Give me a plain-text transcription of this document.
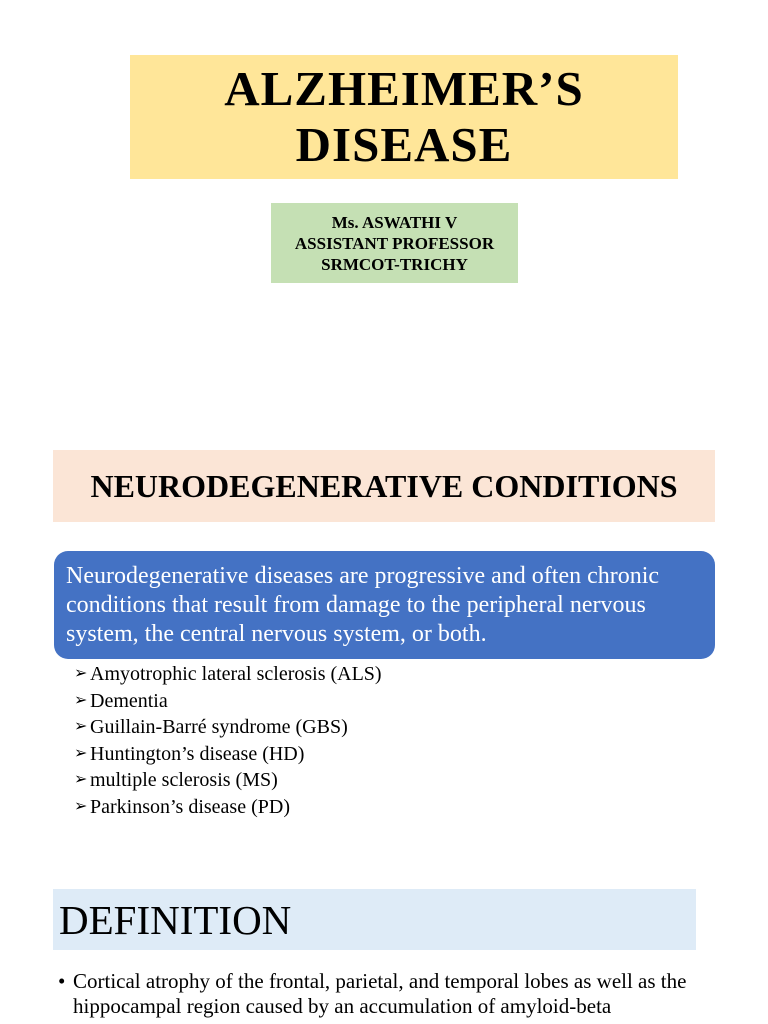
ALZHEIMER’S
DISEASE
Ms. ASWATHI V
ASSISTANT PROFESSOR
SRMCOT-TRICHY
NEURODEGENERATIVE CONDITIONS
Neurodegenerative diseases are progressive and often chronic conditions that result from damage to the peripheral nervous system, the central nervous system, or both.
➢ Amyotrophic lateral sclerosis (ALS)
➢ Dementia
➢ Guillain-Barré syndrome (GBS)
➢ Huntington’s disease (HD)
➢ multiple sclerosis (MS)
➢ Parkinson’s disease (PD)
DEFINITION
• Cortical atrophy of the frontal, parietal, and temporal lobes as well as the hippocampal region caused by an accumulation of amyloid-beta
